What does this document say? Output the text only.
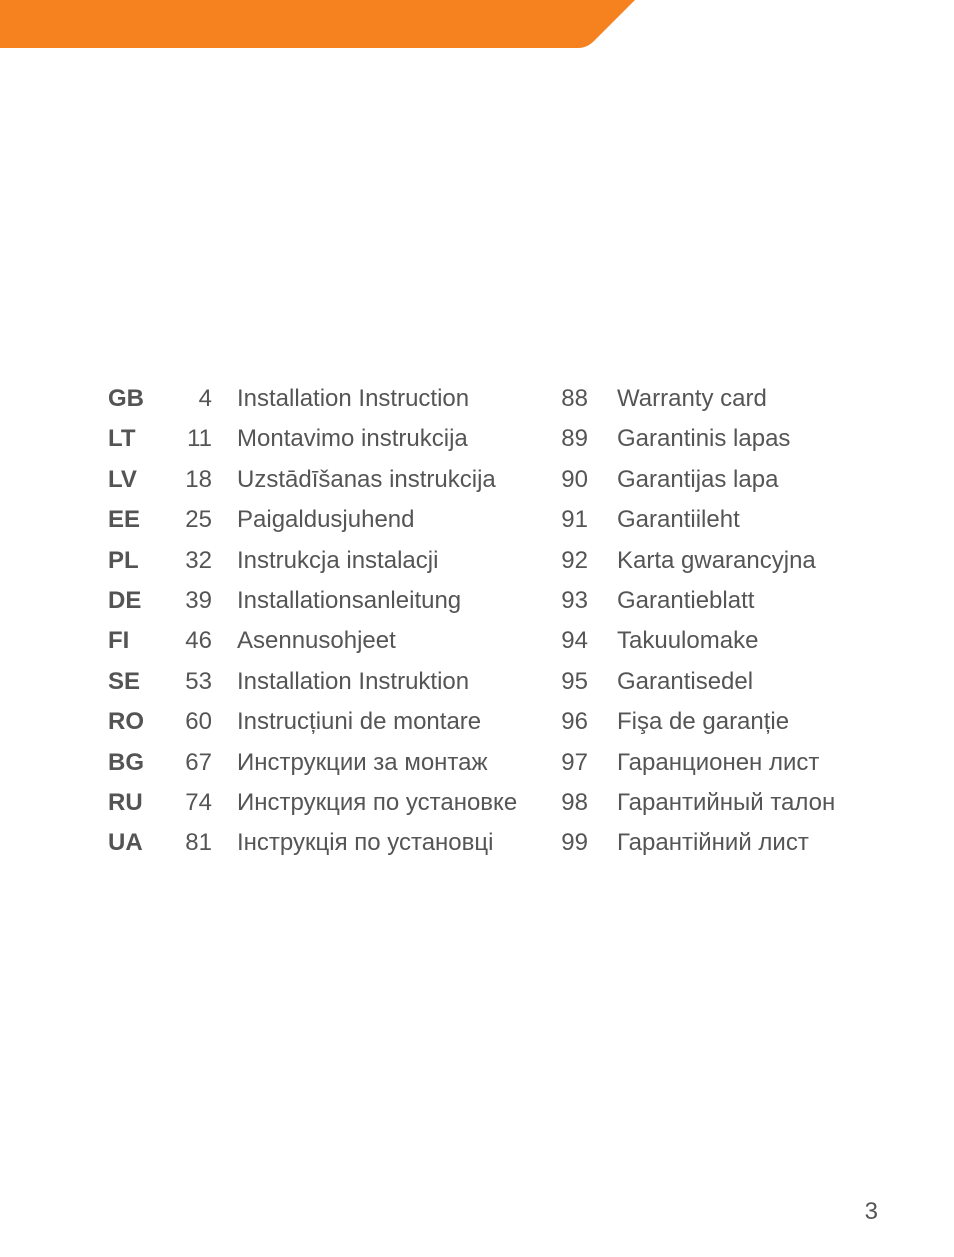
GB	4 Installation Instruction	88 Warranty card
LT	11 Montavimo instrukcija	89 Garantinis lapas
LV	18 Uzstādīšanas instrukcija	90 Garantijas lapa
EE	25 Paigaldusjuhend	91 Garantiileht
PL	32 Instrukcja instalacji	92 Karta gwarancyjna
DE	39 Installationsanleitung	93 Garantieblatt
FI	46 Asennusohjeet	94 Takuulomake
SE	53 Installation Instruktion	95 Garantisedel
RO	60 Instrucțiuni de montare	96 Fişa de garanție
BG	67 Инструкции за монтаж	97 Гаранционен лист
RU	74 Инструкция по установке	98 Гарантийный талон
UA	81 Інструкція по установці	99 Гарантійний лист
3
